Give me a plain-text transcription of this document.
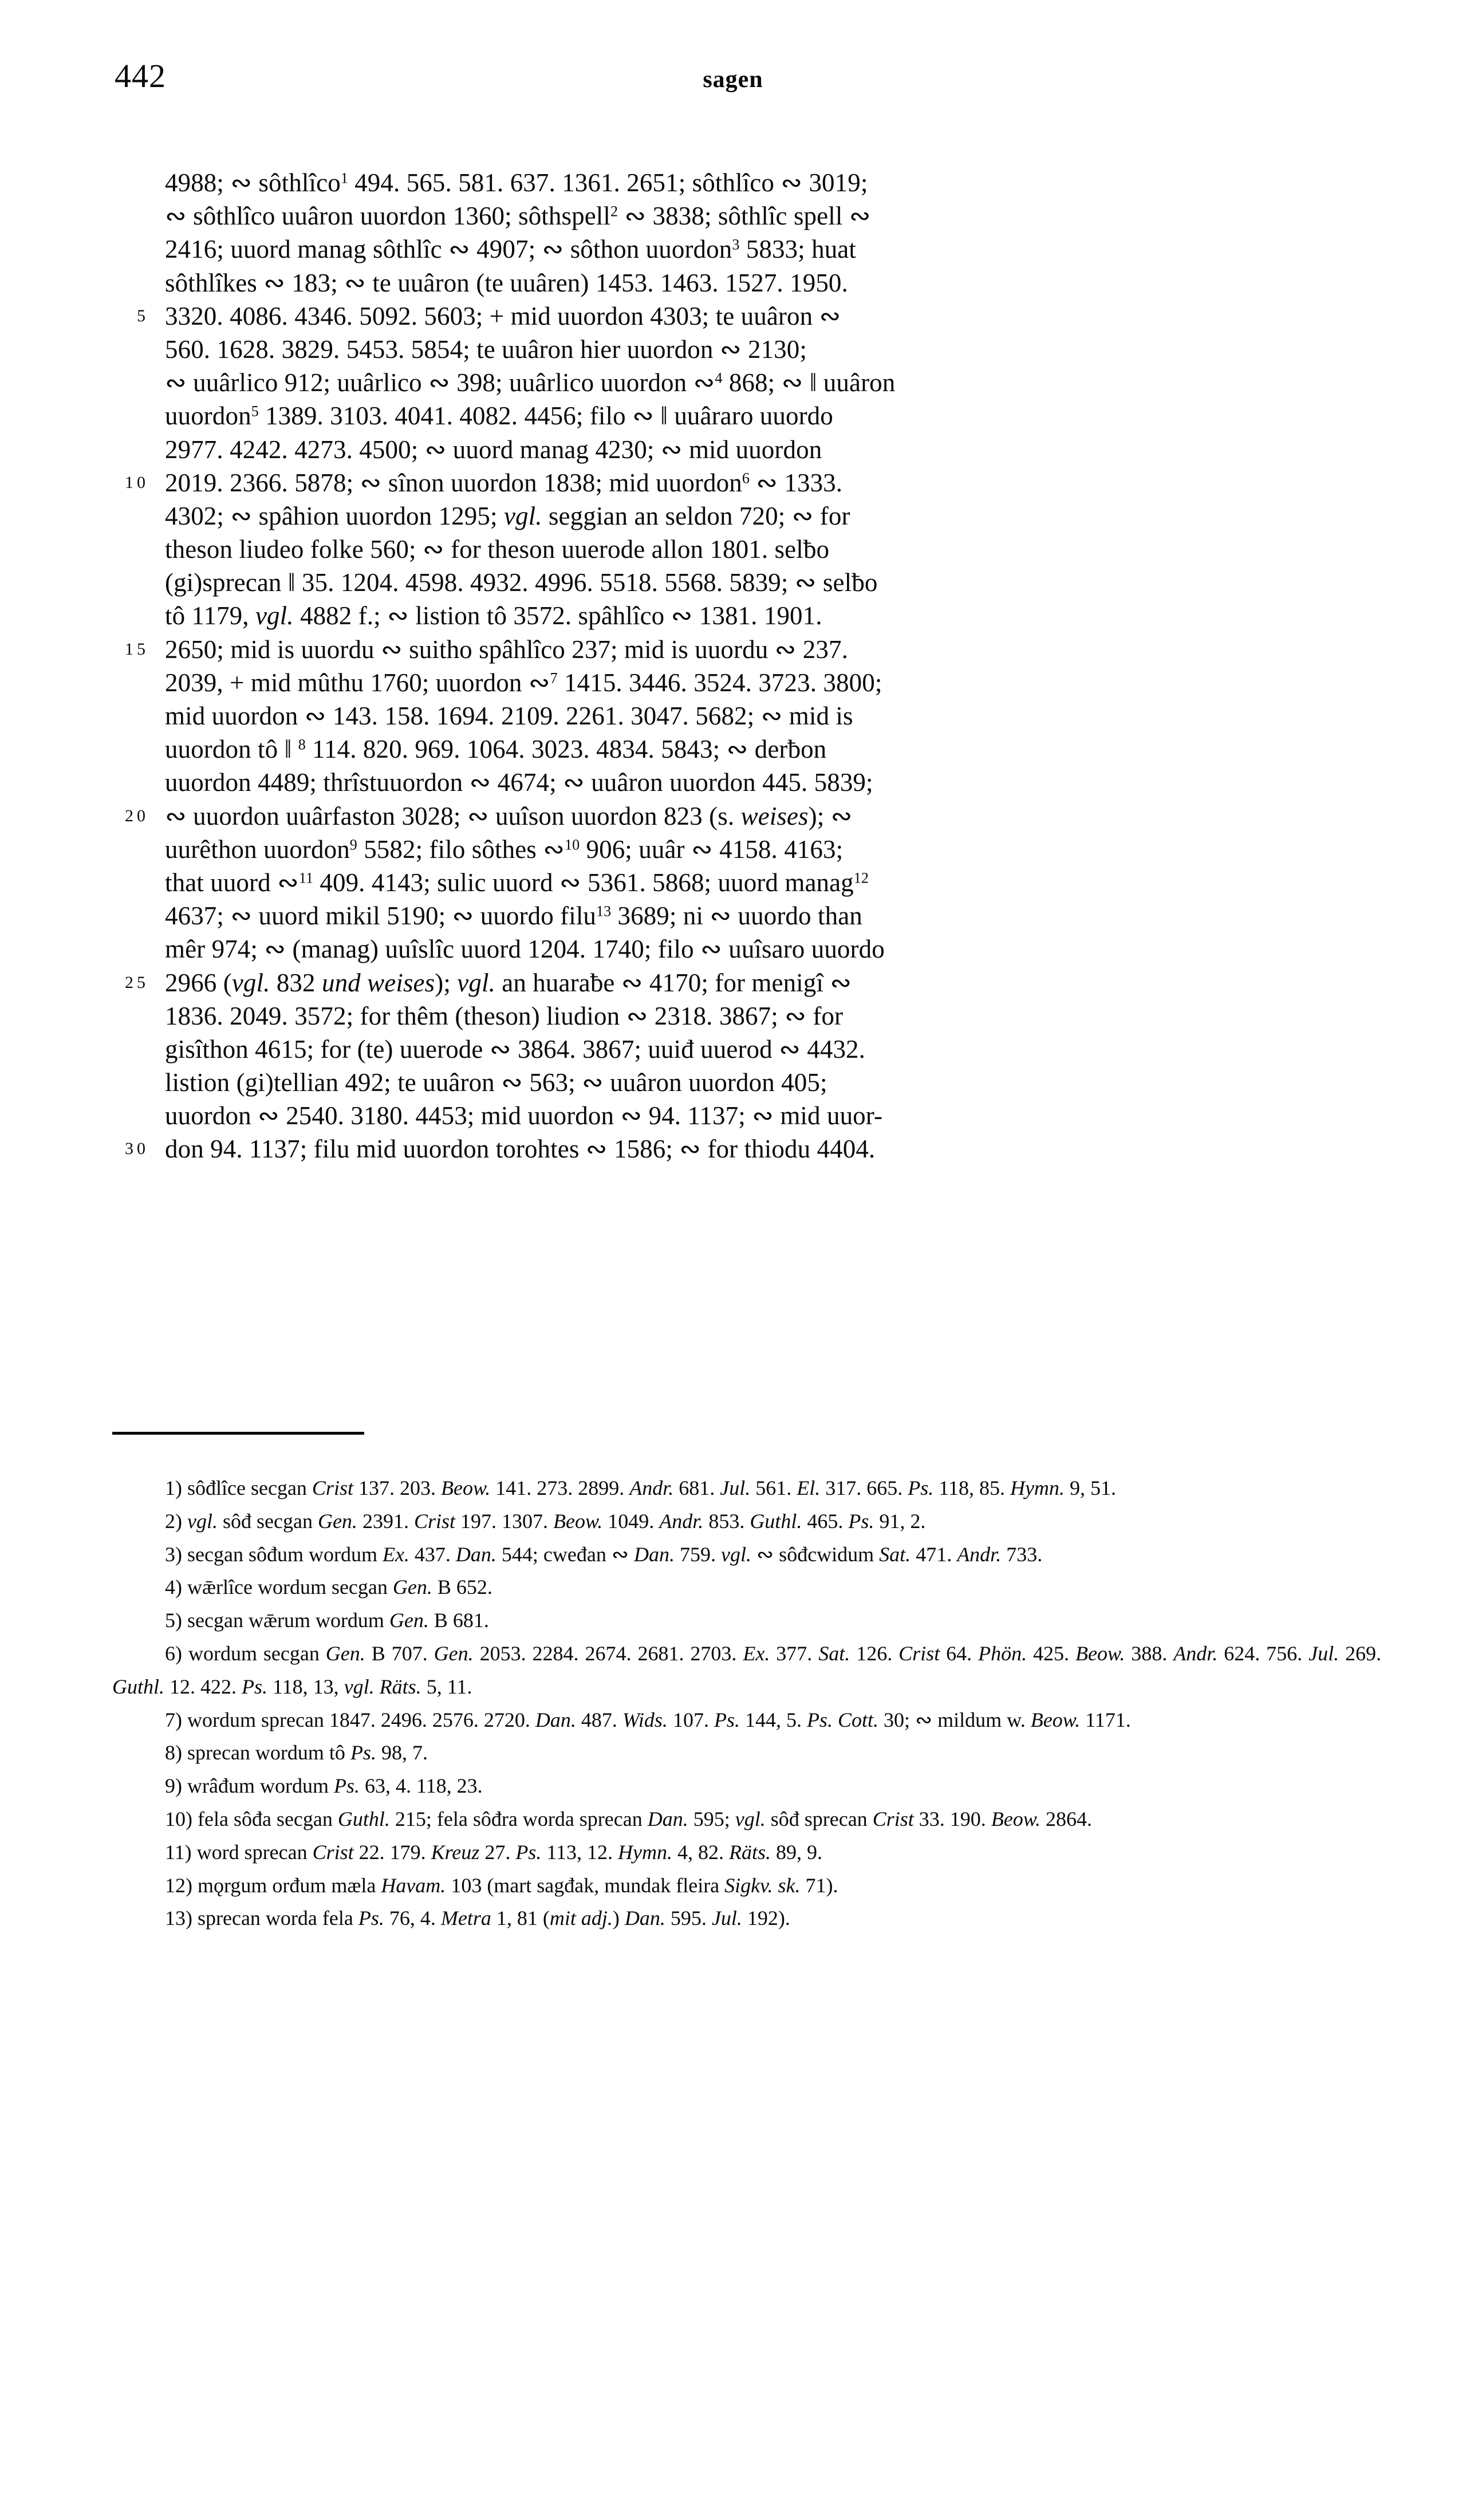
442	sagen
4988; ∾ sôthlîco$^1$ 494. 565. 581. 637. 1361. 2651; sôthlîco ∾ 3019;
∾ sôthlîco uuâron uuordon 1360; sôthspell$^2$ ∾ 3838; sôthlîc spell ∾
2416; uuord manag sôthlîc ∾ 4907; ∾ sôthon uuordon$^3$ 5833; huat
sôthlîkes ∾ 183; ∾ te uuâron (te uuâren) 1453. 1463. 1527. 1950.
5 3320. 4086. 4346. 5092. 5603; + mid uuordon 4303; te uuâron ∾
560. 1628. 3829. 5453. 5854; te uuâron hier uuordon ∾ 2130;
∾ uuârlico 912; uuârlico ∾ 398; uuârlico uuordon ∾$^4$ 868; ∾ ‖ uuâron
uuordon$^5$ 1389. 3103. 4041. 4082. 4456; filo ∾ ‖ uuâraro uuordo
2977. 4242. 4273. 4500; ∾ uuord manag 4230; ∾ mid uuordon
10 2019. 2366. 5878; ∾ sînon uuordon 1838; mid uuordon$^6$ ∾ 1333.
4302; ∾ spâhion uuordon 1295; vgl. seggian an seldon 720; ∾ for
theson liudeo folke 560; ∾ for theson uuerode allon 1801. selƀo
(gi)sprecan ‖ 35. 1204. 4598. 4932. 4996. 5518. 5568. 5839; ∾ selƀo
tô 1179, vgl. 4882 f.; ∾ listion tô 3572. spâhlîco ∾ 1381. 1901.
15 2650; mid is uuordu ∾ suitho spâhlîco 237; mid is uuordu ∾ 237.
2039, + mid mûthu 1760; uuordon ∾$^7$ 1415. 3446. 3524. 3723. 3800;
mid uuordon ∾ 143. 158. 1694. 2109. 2261. 3047. 5682; ∾ mid is
uuordon tô ‖ $^8$ 114. 820. 969. 1064. 3023. 4834. 5843; ∾ derƀon
uuordon 4489; thrîstuuordon ∾ 4674; ∾ uuâron uuordon 445. 5839;
20 ∾ uuordon uuârfaston 3028; ∾ uuîson uuordon 823 (s. weises); ∾
uurêthon uuordon$^9$ 5582; filo sôthes ∾$^{10}$ 906; uuâr ∾ 4158. 4163;
that uuord ∾$^{11}$ 409. 4143; sulic uuord ∾ 5361. 5868; uuord manag$^{12}$
4637; ∾ uuord mikil 5190; ∾ uuordo filu$^{13}$ 3689; ni ∾ uuordo than
mêr 974; ∾ (manag) uuîslîc uuord 1204. 1740; filo ∾ uuîsaro uuordo
25 2966 (vgl. 832 und weises); vgl. an huaraƀe ∾ 4170; for menigî ∾
1836. 2049. 3572; for thêm (theson) liudion ∾ 2318. 3867; ∾ for
gisîthon 4615; for (te) uuerode ∾ 3864. 3867; uuiđ uuerod ∾ 4432.
listion (gi)tellian 492; te uuâron ∾ 563; ∾ uuâron uuordon 405;
uuordon ∾ 2540. 3180. 4453; mid uuordon ∾ 94. 1137; ∾ mid uuor-
30 don 94. 1137; filu mid uuordon torohtes ∾ 1586; ∾ for thiodu 4404.
1) sôđlîce secgan Crist 137. 203. Beow. 141. 273. 2899. Andr. 681. Jul. 561. El. 317. 665. Ps. 118, 85. Hymn. 9, 51.
2) vgl. sôđ secgan Gen. 2391. Crist 197. 1307. Beow. 1049. Andr. 853. Guthl. 465. Ps. 91, 2.
3) secgan sôđum wordum Ex. 437. Dan. 544; cweđan ∾ Dan. 759. vgl. ∾ sôđcwidum Sat. 471. Andr. 733.
4) wǣrlîce wordum secgan Gen. B 652.
5) secgan wǣrum wordum Gen. B 681.
6) wordum secgan Gen. B 707. Gen. 2053. 2284. 2674. 2681. 2703. Ex. 377. Sat. 126. Crist 64. Phön. 425. Beow. 388. Andr. 624. 756. Jul. 269. Guthl. 12. 422. Ps. 118, 13, vgl. Räts. 5, 11.
7) wordum sprecan 1847. 2496. 2576. 2720. Dan. 487. Wids. 107. Ps. 144, 5. Ps. Cott. 30; ∾ mildum w. Beow. 1171.
8) sprecan wordum tô Ps. 98, 7.
9) wrâđum wordum Ps. 63, 4. 118, 23.
10) fela sôđa secgan Guthl. 215; fela sôđra worda sprecan Dan. 595; vgl. sôđ sprecan Crist 33. 190. Beow. 2864.
11) word sprecan Crist 22. 179. Kreuz 27. Ps. 113, 12. Hymn. 4, 82. Räts. 89, 9.
12) mǫrgum orđum mæla Havam. 103 (mart sagđak, mundak fleira Sigkv. sk. 71).
13) sprecan worda fela Ps. 76, 4. Metra 1, 81 (mit adj.) Dan. 595. Jul. 192).
